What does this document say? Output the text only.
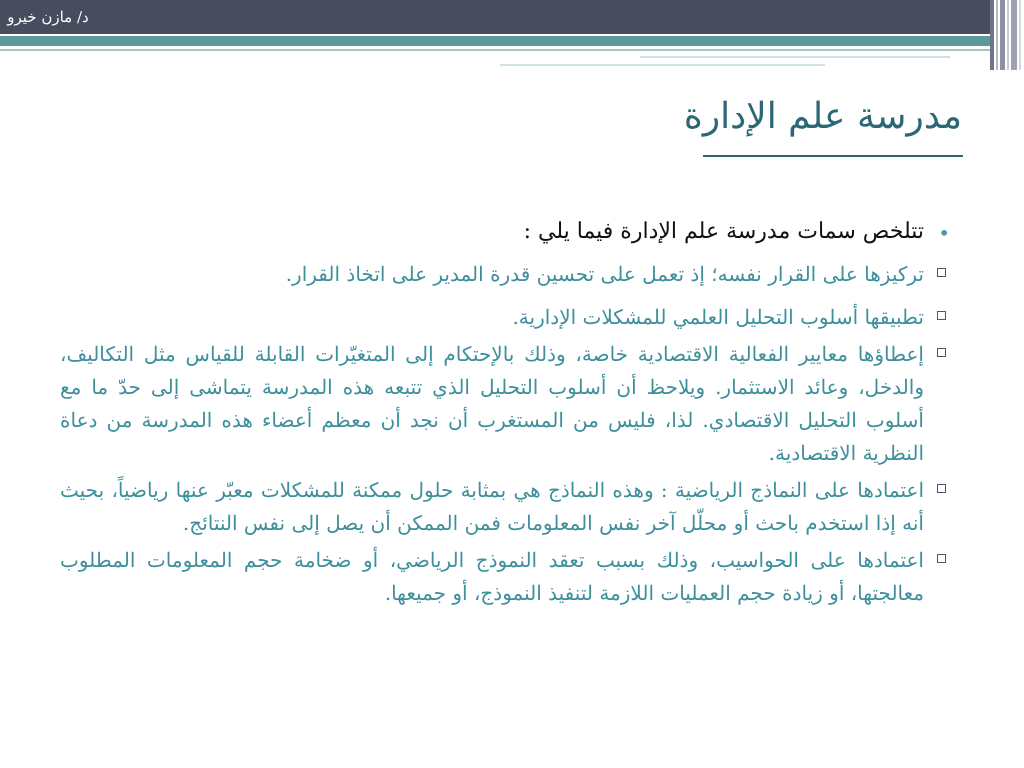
د/ مازن خيرو
مدرسة علم الإدارة
•
تتلخص سمات مدرسة علم الإدارة فيما يلي :
تركيزها على القرار نفسه؛ إذ تعمل على تحسين قدرة المدير على اتخاذ القرار.
تطبيقها أسلوب التحليل العلمي للمشكلات الإدارية.
إعطاؤها معايير الفعالية الاقتصادية خاصة، وذلك بالإحتكام إلى المتغيّرات القابلة للقياس مثل التكاليف، والدخل، وعائد الاستثمار. ويلاحظ أن أسلوب التحليل الذي تتبعه هذه المدرسة يتماشى إلى حدّ ما مع أسلوب التحليل الاقتصادي. لذا، فليس من المستغرب أن نجد أن معظم أعضاء هذه المدرسة من دعاة النظرية الاقتصادية.
اعتمادها على النماذج الرياضية : وهذه النماذج هي بمثابة حلول ممكنة للمشكلات معبّر عنها رياضياً، بحيث أنه إذا استخدم باحث أو محلّل آخر نفس المعلومات فمن الممكن أن يصل إلى نفس النتائج.
اعتمادها على الحواسيب، وذلك بسبب تعقد النموذج الرياضي، أو ضخامة حجم المعلومات المطلوب معالجتها، أو زيادة حجم العمليات اللازمة لتنفيذ النموذج، أو جميعها.
